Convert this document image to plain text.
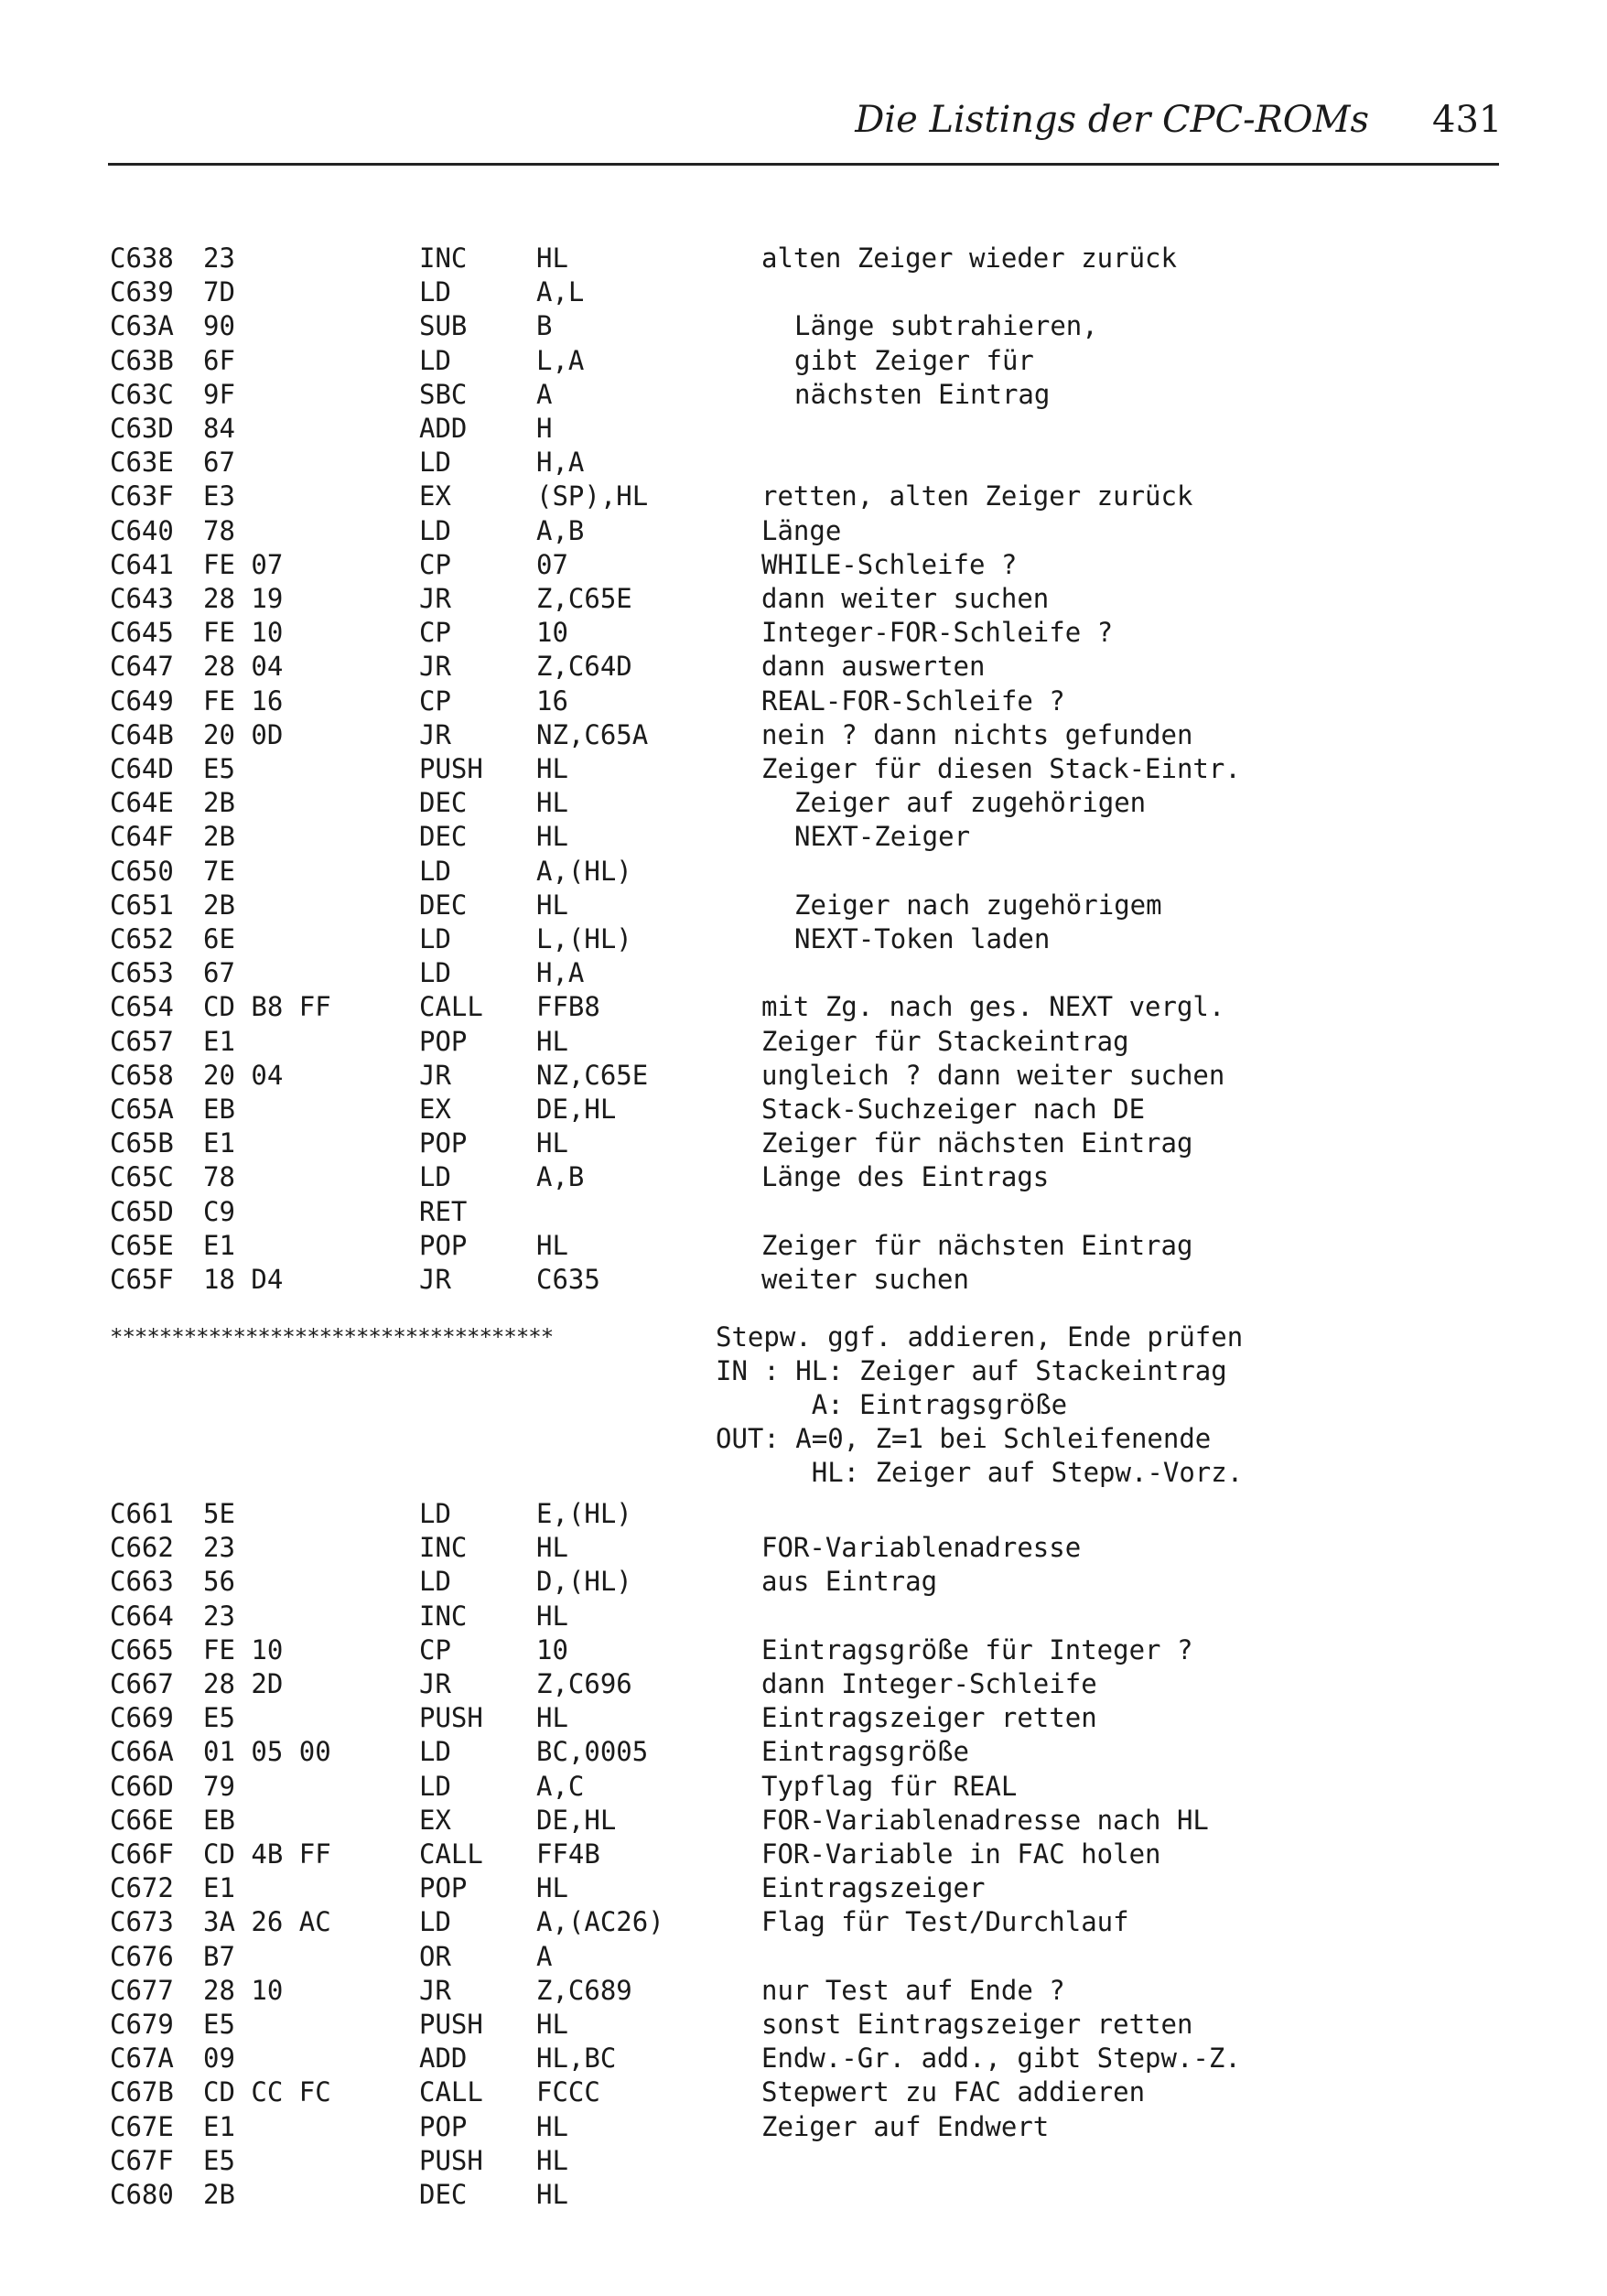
Die Listings der CPC-ROMs 431
C638 23	INC	HL	alten Zeiger wieder zurück
C639 7D	LD	A,L
C63A 90	SUB	B	Länge subtrahieren,
C63B 6F	LD	L,A	gibt Zeiger für
C63C 9F	SBC	A	nächsten Eintrag
C63D 84	ADD	H
C63E 67	LD	H,A
C63F E3	EX	(SP),HL	retten, alten Zeiger zurück
C640 78	LD	A,B	Länge
C641 FE 07	CP	07	WHILE-Schleife ?
C643 28 19	JR	Z,C65E	dann weiter suchen
C645 FE 10	CP	10	Integer-FOR-Schleife ?
C647 28 04	JR	Z,C64D	dann auswerten
C649 FE 16	CP	16	REAL-FOR-Schleife ?
C64B 20 0D	JR	NZ,C65A	nein ? dann nichts gefunden
C64D E5	PUSH HL	Zeiger für diesen Stack-Eintr.
C64E 2B	DEC	HL	Zeiger auf zugehörigen
C64F 2B	DEC	HL	NEXT-Zeiger
C650 7E	LD	A,(HL)
C651 2B	DEC	HL	Zeiger nach zugehörigem
C652 6E	LD	L,(HL)	NEXT-Token laden
C653 67	LD	H,A
C654 CD B8 FF	CALL FFB8	mit Zg. nach ges. NEXT vergl.
C657 E1	POP	HL	Zeiger für Stackeintrag
C658 20 04	JR	NZ,C65E	ungleich ? dann weiter suchen
C65A EB	EX	DE,HL	Stack-Suchzeiger nach DE
C65B E1	POP	HL	Zeiger für nächsten Eintrag
C65C 78	LD	A,B	Länge des Eintrags
C65D C9	RET
C65E E1	POP	HL	Zeiger für nächsten Eintrag
C65F 18 D4	JR	C635	weiter suchen
C661 5E	LD	E,(HL)
C662 23	INC	HL	FOR-Variablenadresse
C663 56	LD	D,(HL)	aus Eintrag
C664 23	INC	HL
C665 FE 10	CP	10	Eintragsgröße für Integer ?
C667 28 2D	JR	Z,C696	dann Integer-Schleife
C669 E5	PUSH HL	Eintragszeiger retten
C66A 01 05 00	LD	BC,0005	Eintragsgröße
C66D 79	LD	A,C	Typflag für REAL
C66E EB	EX	DE,HL	FOR-Variablenadresse nach HL
C66F CD 4B FF	CALL FF4B	FOR-Variable in FAC holen
C672 E1	POP	HL	Eintragszeiger
C673 3A 26 AC	LD	A,(AC26)	Flag für Test/Durchlauf
C676 B7	OR	A
C677 28 10	JR	Z,C689	nur Test auf Ende ?
C679 E5	PUSH HL	sonst Eintragszeiger retten
C67A 09	ADD	HL,BC	Endw.-Gr. add., gibt Stepw.-Z.
C67B CD CC FC	CALL FCCC	Stepwert zu FAC addieren
C67E E1	POP	HL	Zeiger auf Endwert
C67F E5	PUSH HL
C680 2B	DEC	HL
************************************	Stepw. ggf. addieren, Ende prüfen
IN : HL: Zeiger auf Stackeintrag
A: Eintragsgröße
OUT: A=0, Z=1 bei Schleifenende
HL: Zeiger auf Stepw.-Vorz.
